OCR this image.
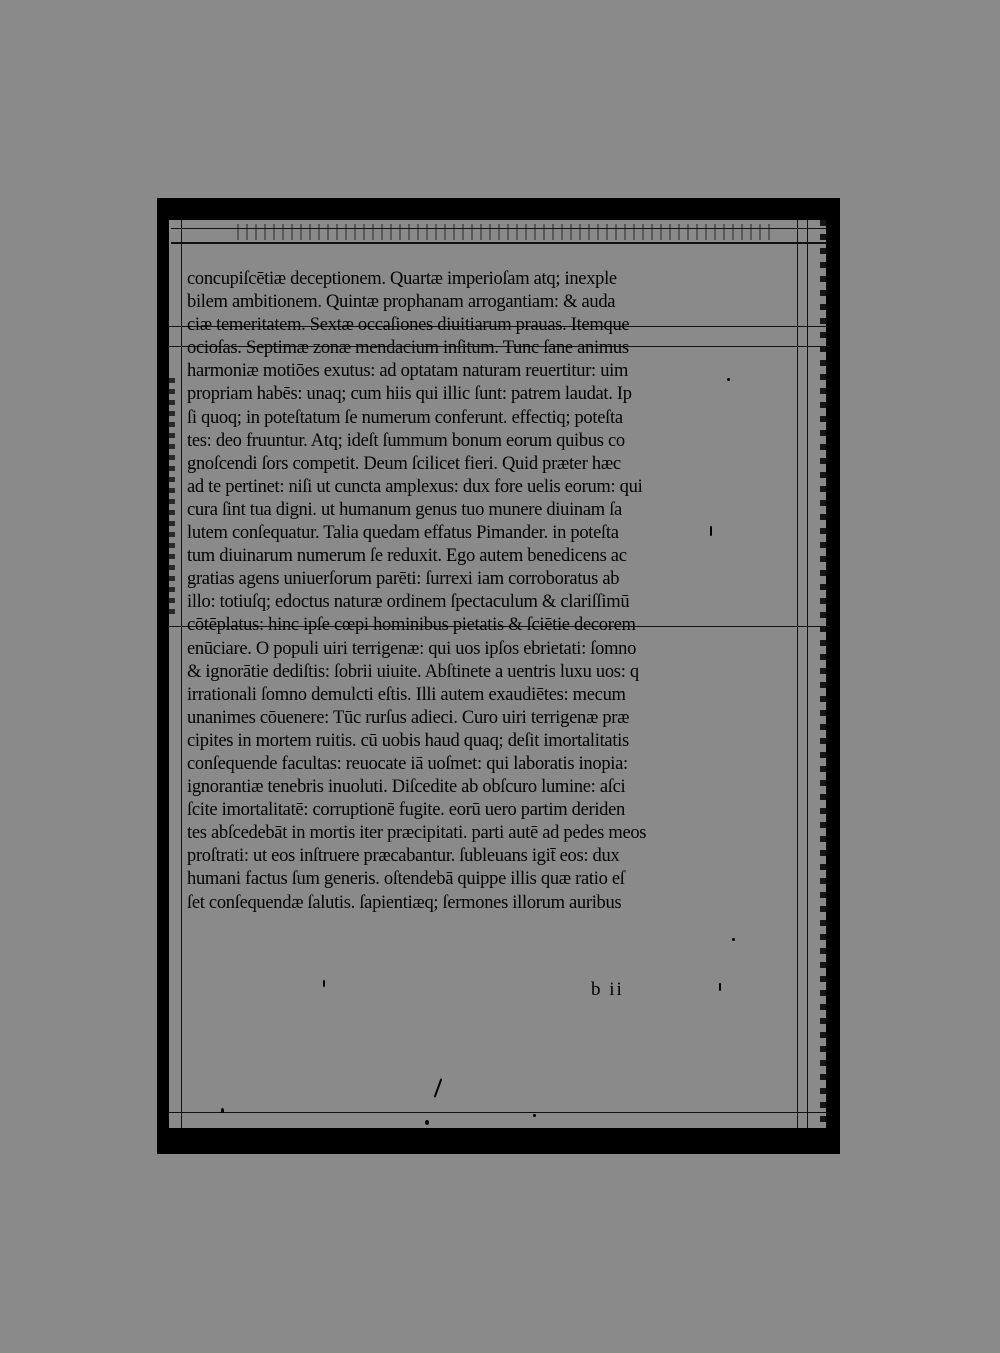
concupiſcētiæ deceptionem. Quartæ imperioſam atq; inexple
bilem ambitionem. Quintæ prophanam arrogantiam: & auda
ciæ temeritatem. Sextæ occaſiones diuitiarum prauas. Itemque
ocioſas. Septimæ zonæ mendacium inſitum. Tunc ſane animus
harmoniæ motiōes exutus: ad optatam naturam reuertitur: uim
propriam habēs: unaq; cum hiis qui illic ſunt: patrem laudat. Ip
ſi quoq; in poteſtatum ſe numerum conferunt. effectiq; poteſta
tes: deo fruuntur. Atq; ideſt ſummum bonum eorum quibus co
gnoſcendi ſors competit. Deum ſcilicet fieri. Quid præter hæc
ad te pertinet: niſi ut cuncta amplexus: dux fore uelis eorum: qui
cura ſint tua digni. ut humanum genus tuo munere diuinam ſa
lutem conſequatur. Talia quedam effatus Pimander. in poteſta
tum diuinarum numerum ſe reduxit. Ego autem benedicens ac
gratias agens uniuerſorum parēti: ſurrexi iam corroboratus ab
illo: totiuſq; edoctus naturæ ordinem ſpectaculum & clariſſimū
cōtēplatus: hinc ipſe cœpi hominibus pietatis & ſciētie decorem
enūciare. O populi uiri terrigenæ: qui uos ipſos ebrietati: ſomno
& ignorātie dediſtis: ſobrii uiuite. Abſtinete a uentris luxu uos: q
irrationali ſomno demulcti eſtis. Illi autem exaudiētes: mecum
unanimes cōuenere: Tūc rurſus adieci. Curo uiri terrigenæ præ
cipites in mortem ruitis. cū uobis haud quaq; deſit imortalitatis
conſequende facultas: reuocate iā uoſmet: qui laboratis inopia:
ignorantiæ tenebris inuoluti. Diſcedite ab obſcuro lumine: aſci
ſcite imortalitatē: corruptionē fugite. eorū uero partim deriden
tes abſcedebāt in mortis iter præcipitati. parti autē ad pedes meos
proſtrati: ut eos inſtruere præcabantur. ſubleuans igit̄ eos: dux
humani factus ſum generis. oſtendebā quippe illis quæ ratio eſ
ſet conſequendæ ſalutis. ſapientiæq; ſermones illorum auribus
b ii
